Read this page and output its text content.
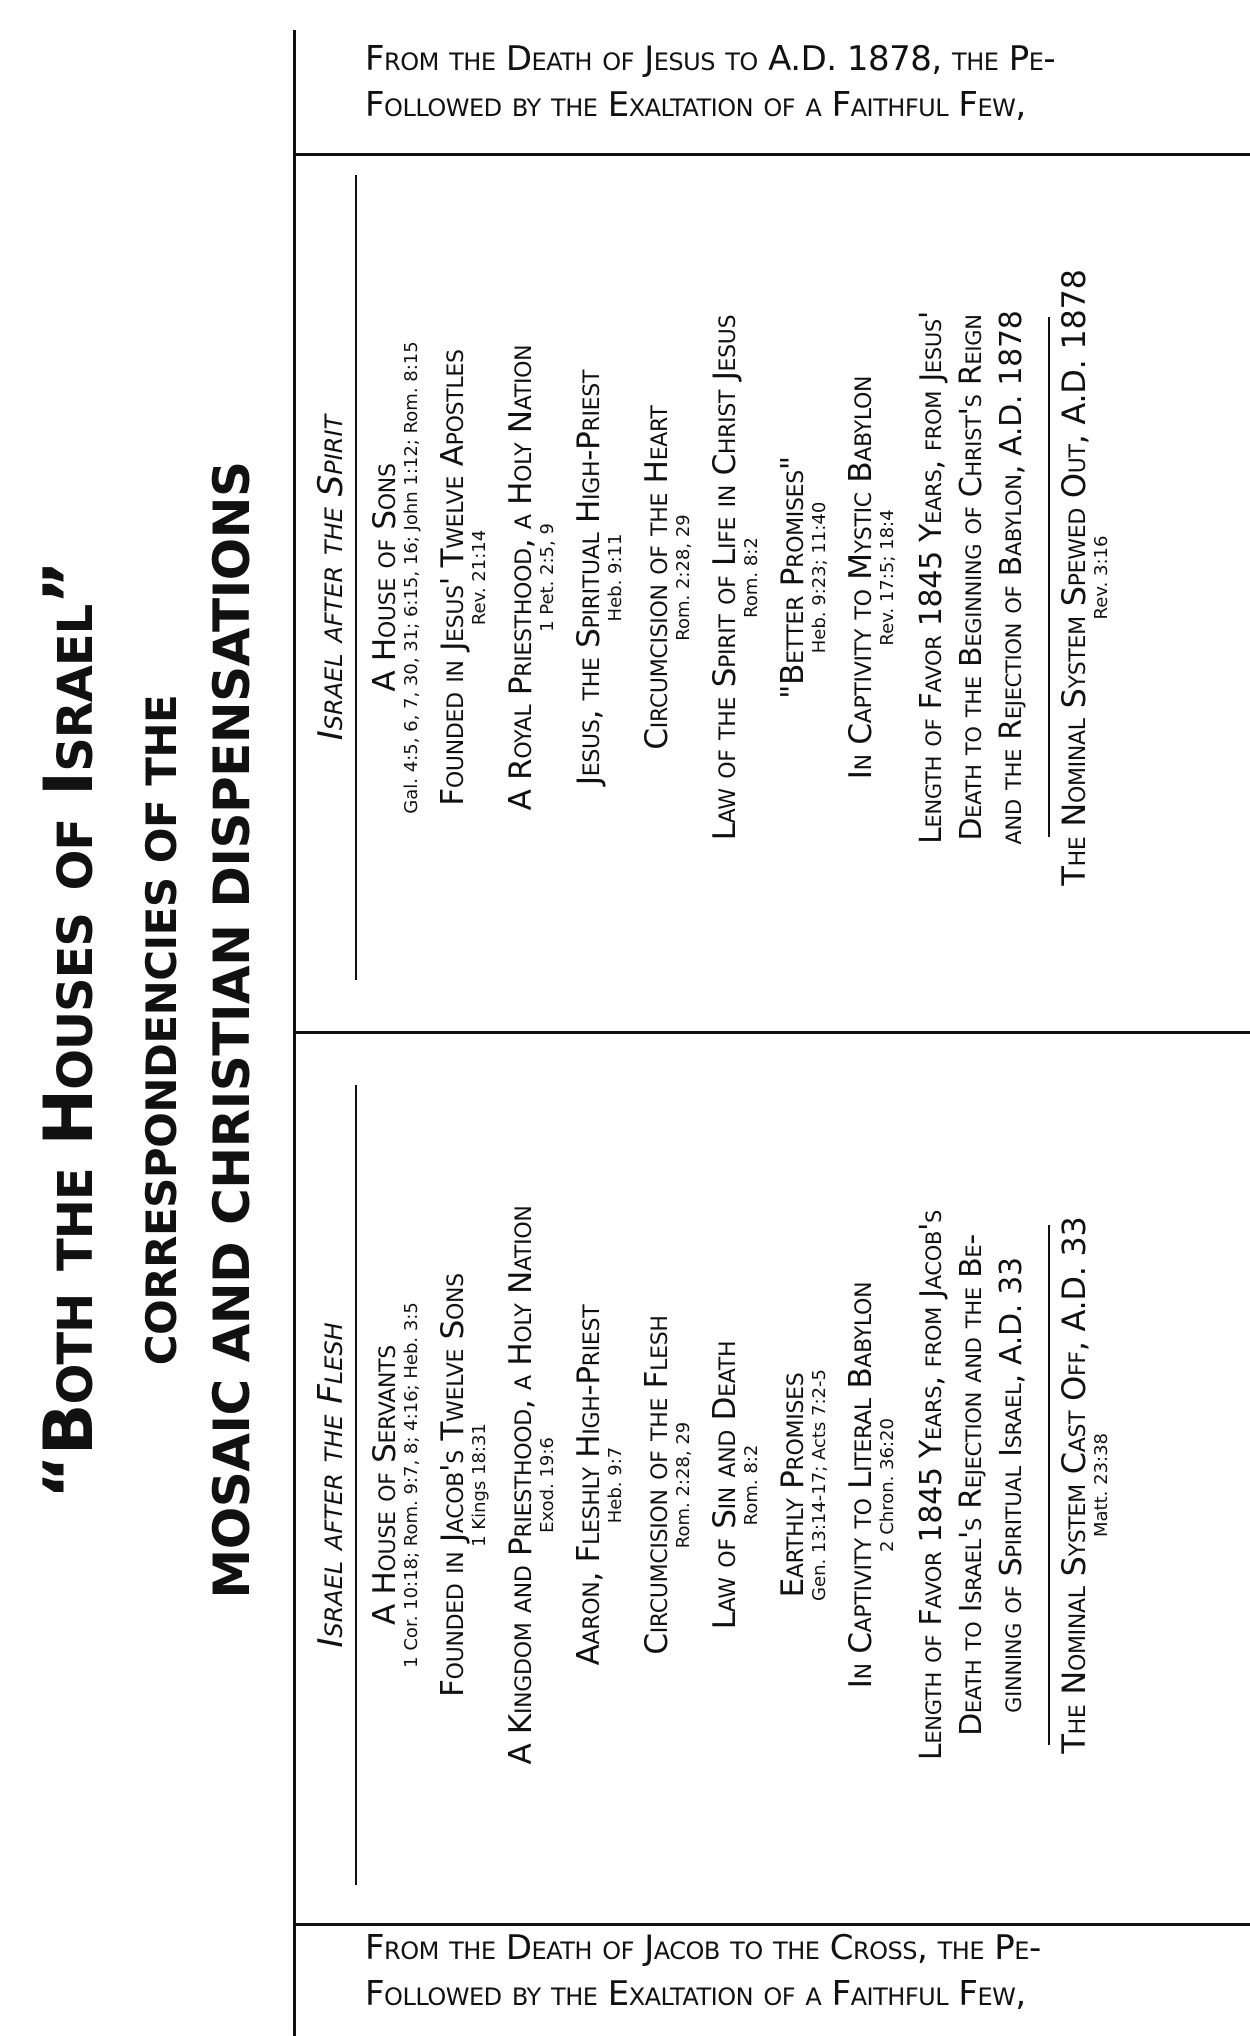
From the Death of Jesus to A.D. 1878, the Pe-
Followed by the Exaltation of a Faithful Few,
From the Death of Jacob to the Cross, the Pe-
Followed by the Exaltation of a Faithful Few,
“Both the Houses of Israel” CORRESPONDENCIES OF THE MOSAIC AND CHRISTIAN DISPENSATIONS Israel after the Flesh A House of Servants
1 Cor. 10:18; Rom. 9:7, 8; 4:16; Heb. 3:5 Founded in Jacob's Twelve Sons
1 Kings 18:31 A Kingdom and Priesthood, a Holy Nation
Exod. 19:6 Aaron, Fleshly High-Priest
Heb. 9:7 Circumcision of the Flesh
Rom. 2:28, 29 Law of Sin and Death
Rom. 8:2 Earthly Promises
Gen. 13:14-17; Acts 7:2-5 In Captivity to Literal Babylon
2 Chron. 36:20 Length of Favor 1845 Years, from Jacob's Death to Israel's Rejection and the Be- ginning of Spiritual Israel, A.D. 33 The Nominal System Cast Off, A.D. 33
Matt. 23:38
Israel after the Spirit A House of Sons
Gal. 4:5, 6, 7, 30, 31; 6:15, 16; John 1:12; Rom. 8:15 Founded in Jesus' Twelve Apostles
Rev. 21:14 A Royal Priesthood, a Holy Nation
1 Pet. 2:5, 9 Jesus, the Spiritual High-Priest
Heb. 9:11 Circumcision of the Heart
Rom. 2:28, 29 Law of the Spirit of Life in Christ Jesus
Rom. 8:2 "Better Promises"
Heb. 9:23; 11:40 In Captivity to Mystic Babylon
Rev. 17:5; 18:4 Length of Favor 1845 Years, from Jesus' Death to the Beginning of Christ's Reign and the Rejection of Babylon, A.D. 1878 The Nominal System Spewed Out, A.D. 1878
Rev. 3:16
